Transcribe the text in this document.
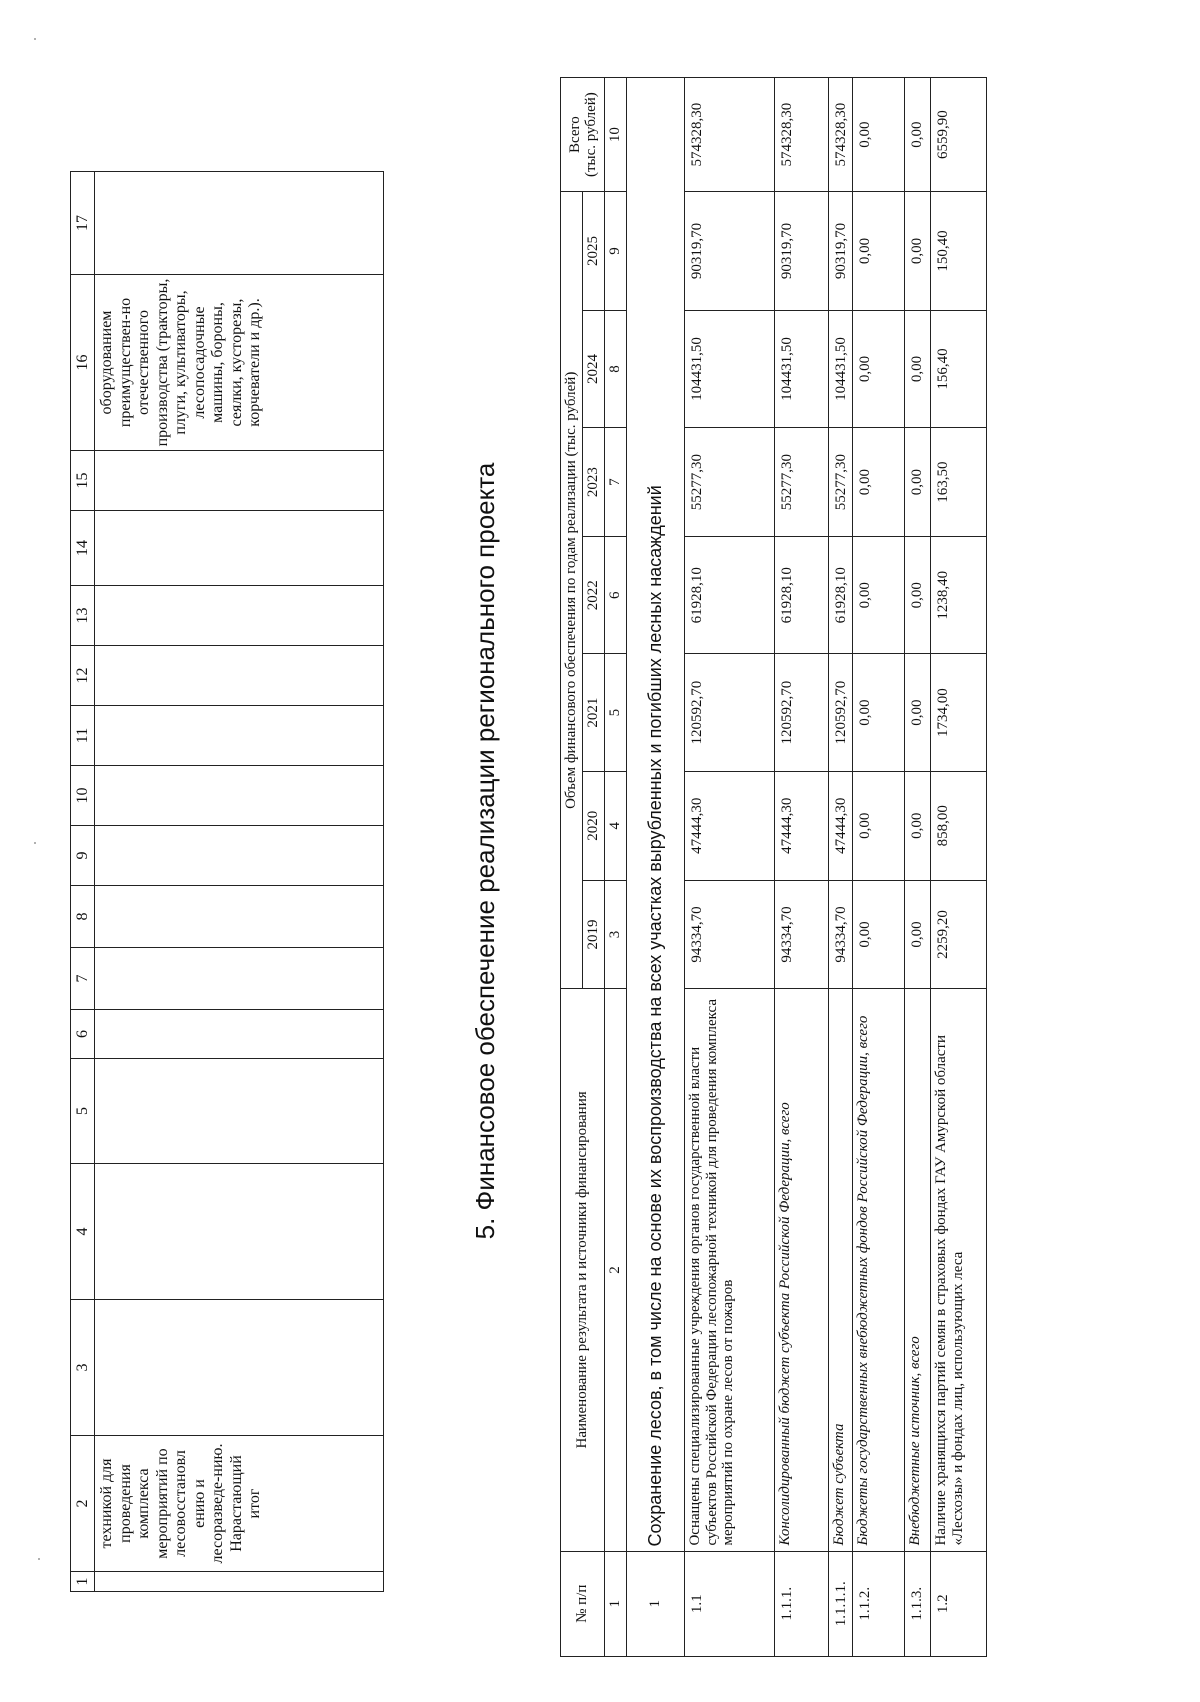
1	2	3	4	5	6	7	8	9	10	11	12	13	14	15	16	17
	техникой для проведения комплекса мероприятий по лесовосстановл ению и лесоразведе-нию. Нарастающий итог														оборудованием преимуществен-но отечественного производства (тракторы, плуги, культиваторы, лесопосадочные машины, бороны, сеялки, кусторезы, корчеватели и др.).	
5. Финансовое обеспечение реализации регионального проекта
№ п/п	Наименование результата и источники финансирования	Объем финансового обеспечения по годам реализации (тыс. рублей)							Всего (тыс. рублей)

		2019	2020	2021	2022	2023	2024	2025	
1	2	3	4	5	6	7	8	9	10
1	Сохранение лесов, в том числе на основе их воспроизводства на всех участках вырубленных и погибших лесных насаждений								
1.1	Оснащены специализированные учреждения органов государственной власти субъектов Российской Федерации лесопожарной техникой для проведения комплекса мероприятий по охране лесов от пожаров	94334,70	47444,30	120592,70	61928,10	55277,30	104431,50	90319,70	574328,30
1.1.1.	Консолидированный бюджет субъекта Российской Федерации, всего	94334,70	47444,30	120592,70	61928,10	55277,30	104431,50	90319,70	574328,30
1.1.1.1.	Бюджет субъекта	94334,70	47444,30	120592,70	61928,10	55277,30	104431,50	90319,70	574328,30
1.1.2.	Бюджеты государственных внебюджетных фондов Российской Федерации, всего	0,00	0,00	0,00	0,00	0,00	0,00	0,00	0,00
1.1.3.	Внебюджетные источник, всего	0,00	0,00	0,00	0,00	0,00	0,00	0,00	0,00
1.2	Наличие хранящихся партий семян в страховых фондах ГАУ Амурской области «Лесхозы» и фондах лиц, использующих леса	2259,20	858,00	1734,00	1238,40	163,50	156,40	150,40	6559,90
